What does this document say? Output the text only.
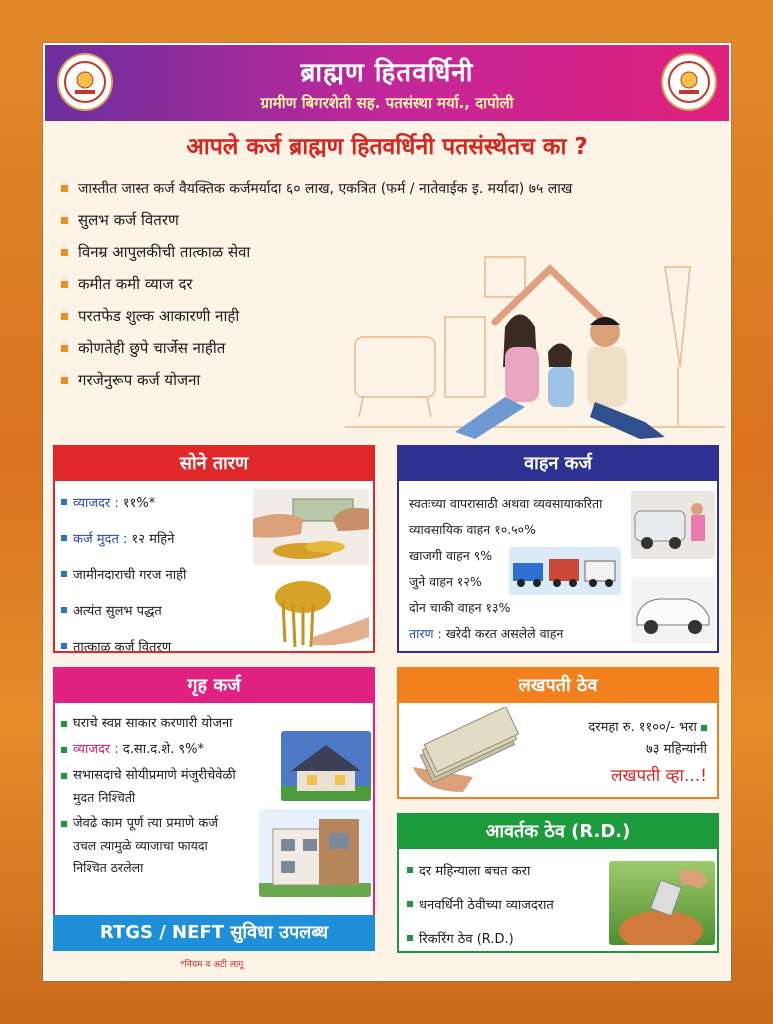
ब्राह्मण हितवर्धिनी
ग्रामीण बिगरशेती सह. पतसंस्था मर्या., दापोली
आपले कर्ज ब्राह्मण हितवर्धिनी पतसंस्थेतच का ?
जास्तीत जास्त कर्ज वैयक्तिक कर्जमर्यादा ६० लाख, एकत्रित (फर्म / नातेवाईक इ. मर्यादा) ७५ लाख
सुलभ कर्ज वितरण
विनम्र आपुलकीची तात्काळ सेवा
कमीत कमी व्याज दर
परतफेड शुल्क आकारणी नाही
कोणतेही छुपे चार्जेस नाहीत
गरजेनुरूप कर्ज योजना
सोने तारण
व्याजदर :
११%*
कर्ज मुदत :
१२ महिने
जामीनदाराची गरज नाही
अत्यंत सुलभ पद्धत
तात्काळ कर्ज वितरण
वाहन कर्ज
स्वतःच्या वापरासाठी अथवा व्यवसायाकरिता
व्यावसायिक वाहन १०.५०%
खाजगी वाहन ९%
जुने वाहन १२%
दोन चाकी वाहन १३%
तारण : खरेदी करत असलेले वाहन
गृह कर्ज
घराचे स्वप्न साकार करणारी योजना
व्याजदर :
द.सा.द.शे. ९%*
सभासदाचे सोयीप्रमाणे मंजुरीचेवेळी
मुदत निश्चिती
जेवढे काम पूर्ण त्या प्रमाणे कर्ज
उचल त्यामुळे व्याजाचा फायदा
निश्चित ठरलेला
लखपती ठेव
दरमहा रु. ११००/- भरा
७३ महिन्यांनी
लखपती व्हा...!
आवर्तक ठेव (R.D.)
दर महिन्याला बचत करा
धनवर्धिनी ठेवीच्या व्याजदरात
रिकरिंग ठेव (R.D.)
RTGS / NEFT सुविधा उपलब्ध
*नियम व अटी लागू
